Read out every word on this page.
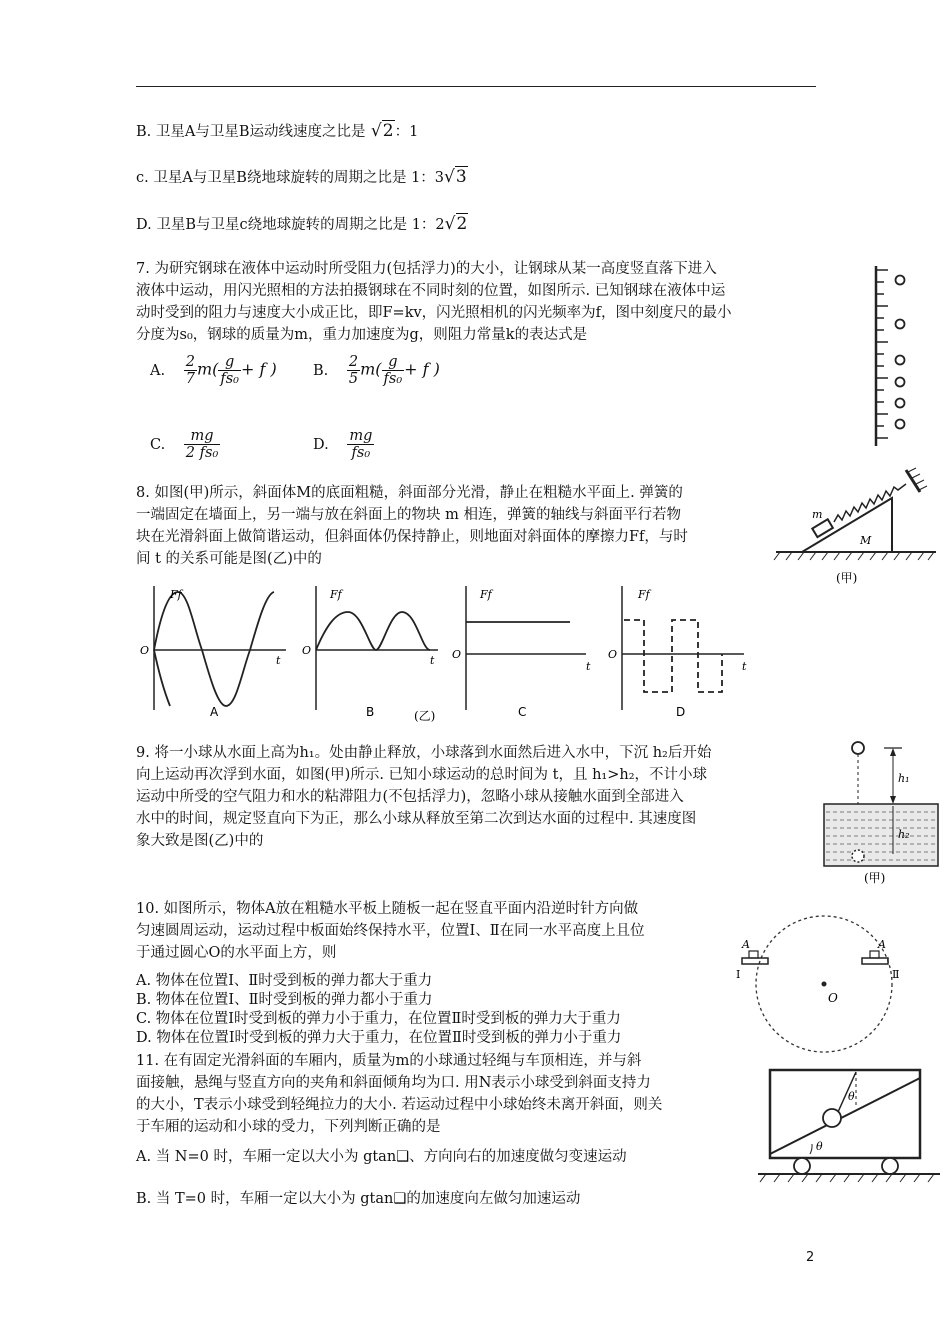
B. 卫星A与卫星B运动线速度之比是 √2：1
c. 卫星A与卫星B绕地球旋转的周期之比是 1：3√3
D. 卫星B与卫星c绕地球旋转的周期之比是 1：2√2
7. 为研究钢球在液体中运动时所受阻力(包括浮力)的大小，让钢球从某一高度竖直落下进入
液体中运动，用闪光照相的方法拍摄钢球在不同时刻的位置，如图所示. 已知钢球在液体中运
动时受到的阻力与速度大小成正比，即F=kv，闪光照相机的闪光频率为f，图中刻度尺的最小
分度为s₀，钢球的质量为m，重力加速度为g，则阻力常量k的表达式是
A. $\frac{2}{7} m( \frac{g}{\text{fs₀}} + f$ )	B. $\frac{2}{5} m( \frac{g}{\text{fs₀}} + f$ )
C. $\frac{mg}{\text{2 fs₀}}$	D. $\frac{mg}{\text{fs₀}}$
8. 如图(甲)所示，斜面体M的底面粗糙，斜面部分光滑，静止在粗糙水平面上. 弹簧的
一端固定在墙面上，另一端与放在斜面上的物块 m 相连，弹簧的轴线与斜面平行若物
块在光滑斜面上做简谐运动，但斜面体仍保持静止，则地面对斜面体的摩擦力Ff，与时
间 t 的关系可能是图(乙)中的
m
M
(甲)
Ff
O
t
A
Ff
O
t
B	(乙)
Ff
O
t
C
Ff
O
t
D
9. 将一小球从水面上高为h₁。处由静止释放，小球落到水面然后进入水中，下沉 h₂后开始
向上运动再次浮到水面，如图(甲)所示. 已知小球运动的总时间为 t，且 h₁>h₂，不计小球
运动中所受的空气阻力和水的粘滞阻力(不包括浮力)，忽略小球从接触水面到全部进入
水中的时间，规定竖直向下为正，那么小球从释放至第二次到达水面的过程中. 其速度图
象大致是图(乙)中的
h₁
h₂
(甲)
10. 如图所示，物体A放在粗糙水平板上随板一起在竖直平面内沿逆时针方向做
匀速圆周运动，运动过程中板面始终保持水平，位置Ⅰ、Ⅱ在同一水平高度上且位
于通过圆心O的水平面上方，则
A. 物体在位置Ⅰ、Ⅱ时受到板的弹力都大于重力
B. 物体在位置Ⅰ、Ⅱ时受到板的弹力都小于重力
C. 物体在位置Ⅰ时受到板的弹力小于重力，在位置Ⅱ时受到板的弹力大于重力
D. 物体在位置Ⅰ时受到板的弹力大于重力，在位置Ⅱ时受到板的弹力小于重力
O
A
Ⅰ
A
Ⅱ
11. 在有固定光滑斜面的车厢内，质量为m的小球通过轻绳与车顶相连，并与斜
面接触，悬绳与竖直方向的夹角和斜面倾角均为口. 用N表示小球受到斜面支持力
的大小，T表示小球受到轻绳拉力的大小. 若运动过程中小球始终未离开斜面，则关
于车厢的运动和小球的受力，下列判断正确的是
A. 当 N=0 时，车厢一定以大小为 gtan❑、方向向右的加速度做匀变速运动
B. 当 T=0 时，车厢一定以大小为 gtan❑的加速度向左做匀加速运动
θ
θ
2
